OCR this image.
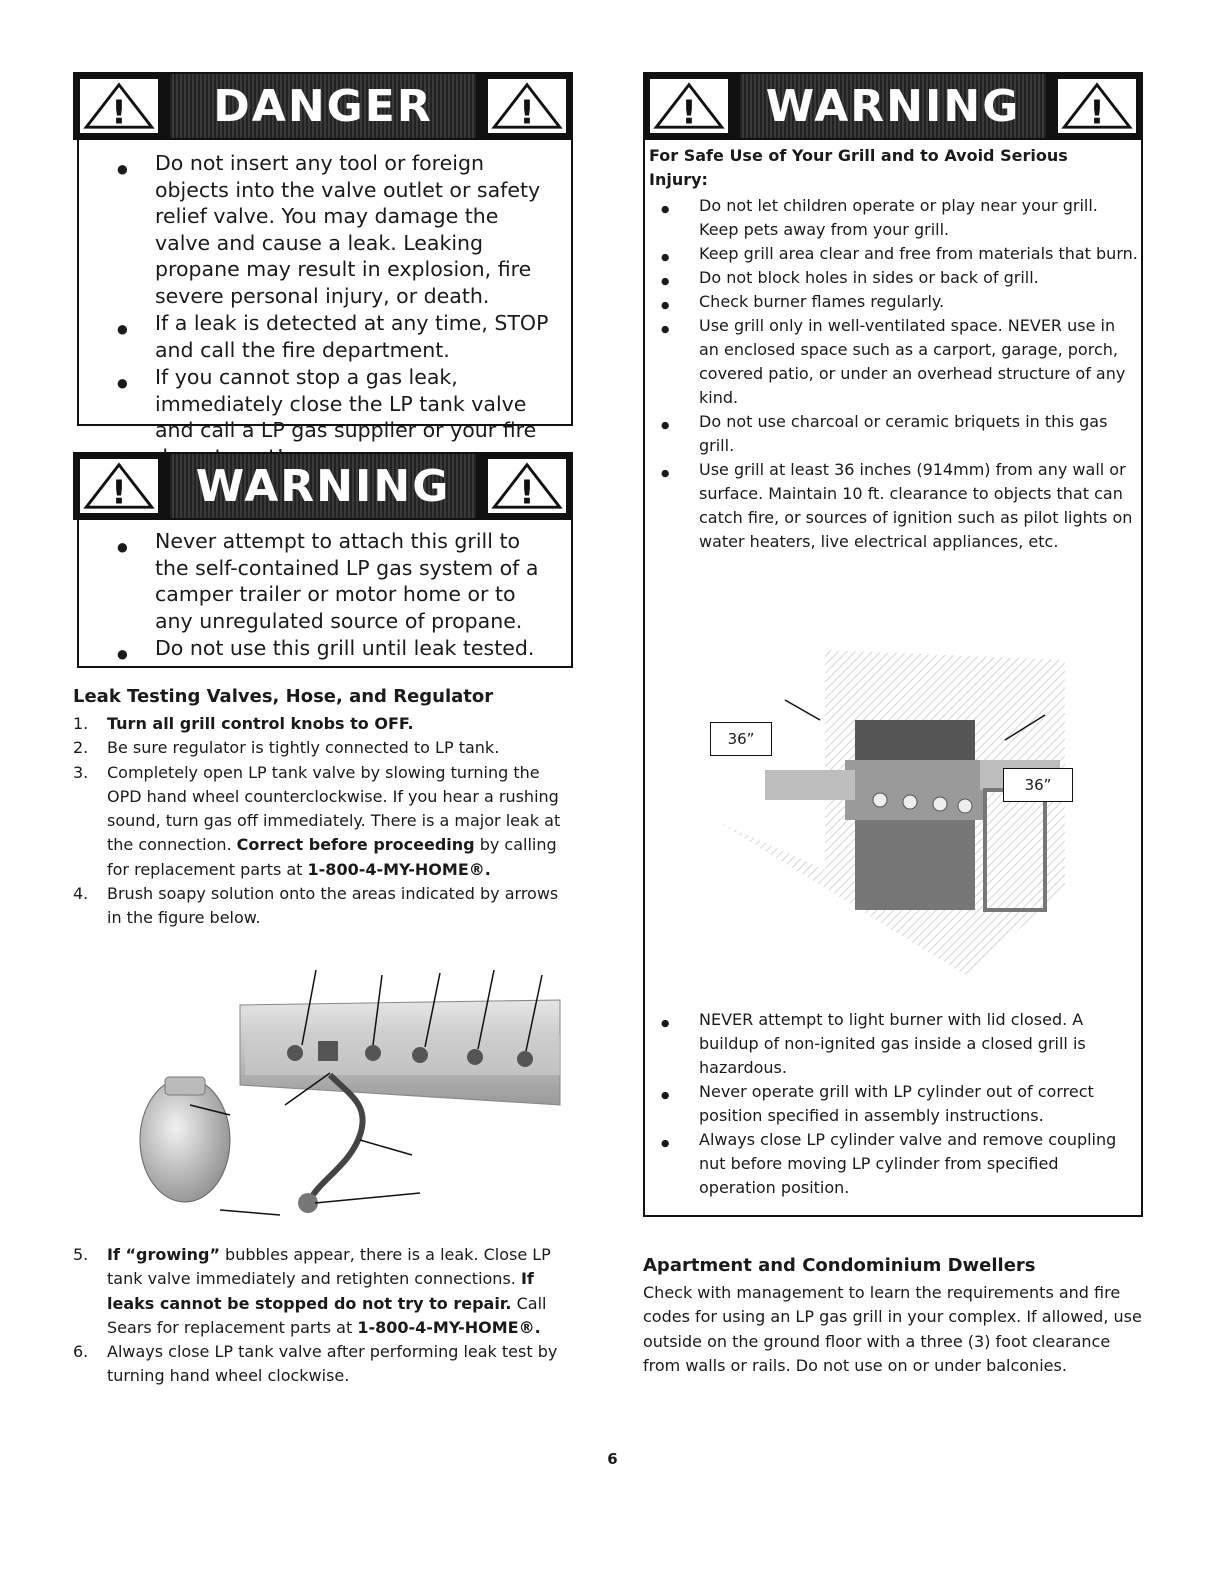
!	DANGER	!
● Do not insert any tool or foreign objects into the valve outlet or safety relief valve. You may damage the valve and cause a leak. Leaking propane may result in explosion, fire severe personal injury, or death.
● If a leak is detected at any time, STOP and call the fire department.
● If you cannot stop a gas leak, immediately close the LP tank valve and call a LP gas supplier or your fire
!	WARNING	!
● Never attempt to attach this grill to the self-contained LP gas system of a camper trailer or motor home or to any unregulated source of propane.
● Do not use this grill until leak tested.
Leak Testing Valves, Hose, and Regulator
1. Turn all grill control knobs to OFF.
2. Be sure regulator is tightly connected to LP tank.
3. Completely open LP tank valve by slowing turning the OPD hand wheel counterclockwise. If you hear a rushing sound, turn gas off immediately. There is a major leak at the connection. Correct before proceeding by calling for replacement parts at 1-800-4-MY-HOME®.
4. Brush soapy solution onto the areas indicated by arrows in the figure below.
5. If “growing” bubbles appear, there is a leak. Close LP tank valve immediately and retighten connections. If leaks cannot be stopped do not try to repair. Call Sears for replacement parts at 1-800-4-MY-HOME®.
6. Always close LP tank valve after performing leak test by turning hand wheel clockwise.
!	WARNING	!
For Safe Use of Your Grill and to Avoid Serious Injury:
● Do not let children operate or play near your grill. Keep pets away from your grill.
● Keep grill area clear and free from materials that burn.
● Do not block holes in sides or back of grill.
● Check burner flames regularly.
● Use grill only in well-ventilated space. NEVER use in an enclosed space such as a carport, garage, porch, covered patio, or under an overhead structure of any kind.
● Do not use charcoal or ceramic briquets in this gas grill.
● Use grill at least 36 inches (914mm) from any wall or surface. Maintain 10 ft. clearance to objects that can catch fire, or sources of ignition such as pilot lights on water heaters, live electrical appliances, etc.
36”
36”
● NEVER attempt to light burner with lid closed. A buildup of non-ignited gas inside a closed grill is hazardous.
● Never operate grill with LP cylinder out of correct position specified in assembly instructions.
● Always close LP cylinder valve and remove coupling nut before moving LP cylinder from specified operation position.
Apartment and Condominium Dwellers

Check with management to learn the requirements and fire codes for using an LP gas grill in your complex. If allowed, use outside on the ground floor with a three (3) foot clearance from walls or rails. Do not use on or under balconies.

6
